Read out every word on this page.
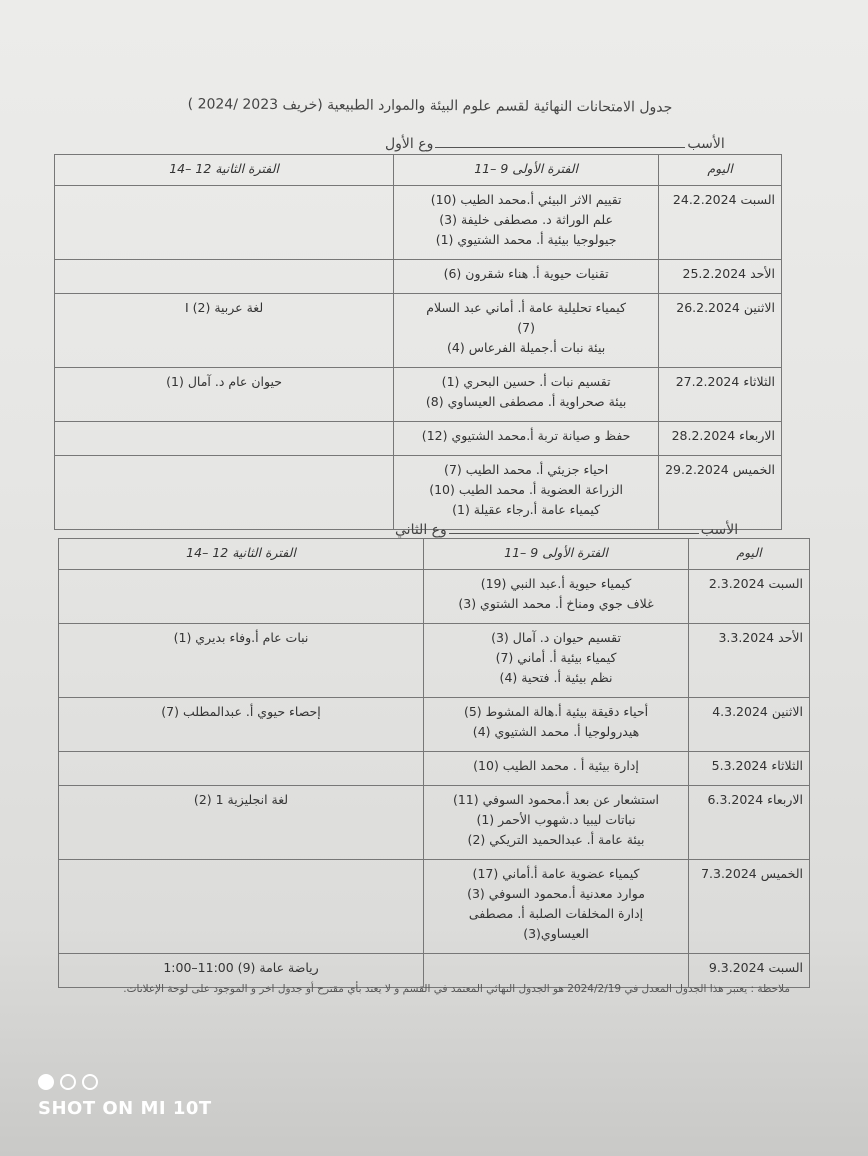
جدول الامتحانات النهائية لقسم علوم البيئة والموارد الطبيعية (خريف 2023 /2024 )
الأسبوع الأول
اليوم	الفترة الأولى 9 –11	الفترة الثانية 12 –14
السبت 24.2.2024	تقييم الاثر البيئي أ.محمد الطيب (10)
علم الوراثة د. مصطفى خليفة (3)
جيولوجيا بيئية أ. محمد الشتيوي (1)	

الأحد 25.2.2024	تقنيات حيوية أ. هناء شقرون (6)	

الاثنين 26.2.2024	كيمياء تحليلية عامة أ. أماني عبد السلام
(7)
بيئة نبات أ.جميلة الفرعاس (4)	لغة عربية I (2)

الثلاثاء 27.2.2024	تقسيم نبات أ. حسين البحري (1)
بيئة صحراوية أ. مصطفى العيساوي (8)	حيوان عام د. آمال (1)

الاربعاء 28.2.2024	حفظ و صيانة تربة أ.محمد الشتيوي (12)	

الخميس 29.2.2024	احياء جزيئي أ. محمد الطيب (7)
الزراعة العضوية أ. محمد الطيب (10)
كيمياء عامة أ.رجاء عقيلة (1)	

الأسبوع الثاني
اليوم	الفترة الأولى 9 –11	الفترة الثانية 12 –14
السبت 2.3.2024	كيمياء حيوية أ.عبد النبي (19)
غلاف جوي ومناخ أ. محمد الشتوي (3)	

الأحد 3.3.2024	تقسيم حيوان د. آمال (3)
كيمياء بيئية أ. أماني (7)
نظم بيئية أ. فتحية (4)	نبات عام أ.وفاء بديري (1)

الاثنين 4.3.2024	أحياء دقيقة بيئية أ.هالة المشوط (5)
هيدرولوجيا أ. محمد الشتيوي (4)	إحصاء حيوي أ. عبدالمطلب (7)

الثلاثاء 5.3.2024	إدارة بيئية أ . محمد الطيب (10)	

الاربعاء 6.3.2024	استشعار عن بعد أ.محمود السوفي (11)
نباتات ليبيا د.شهوب الأحمر (1)
بيئة عامة أ. عبدالحميد التريكي (2)	لغة انجليزية 1 (2)

الخميس 7.3.2024	كيمياء عضوية عامة أ.أماني (17)
موارد معدنية أ.محمود السوفي (3)
إدارة المخلفات الصلبة أ. مصطفى
العيساوي(3)	

السبت 9.3.2024		رياضة عامة (9) 11:00–1:00
ملاحظة : يعتبر هذا الجدول المعدل في 2024/2/19 هو الجدول النهائي المعتمد في القسم و لا يعتد بأي مقترح أو جدول اخر و الموجود على لوحة الإعلانات.
SHOT ON MI 10T
